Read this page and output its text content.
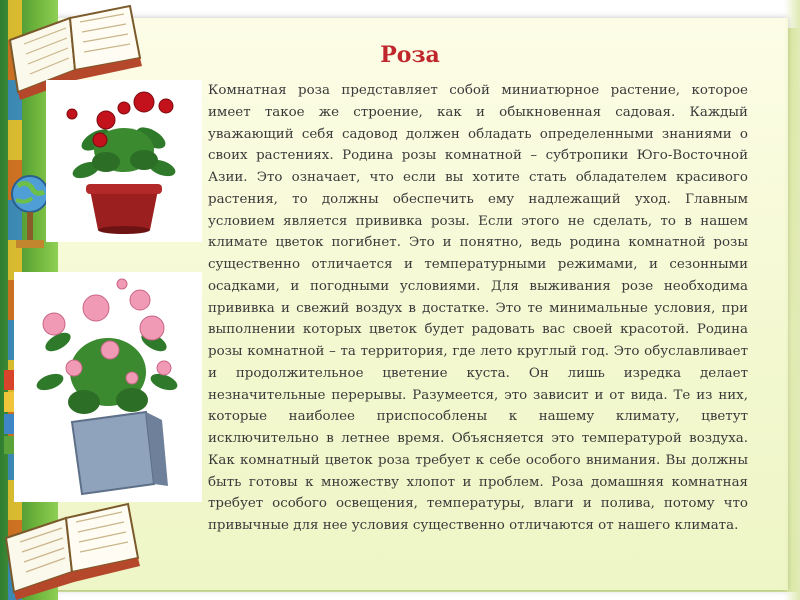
Роза

Комнатная роза представляет собой миниатюрное растение, которое имеет такое же строение, как и обыкновенная садовая. Каждый уважающий себя садовод должен обладать определенными знаниями о своих растениях. Родина розы комнатной – субтропики Юго-Восточной Азии. Это означает, что если вы хотите стать обладателем красивого растения, то должны обеспечить ему надлежащий уход. Главным условием является прививка розы. Если этого не сделать, то в нашем климате цветок погибнет. Это и понятно, ведь родина комнатной розы существенно отличается и температурными режимами, и сезонными осадками, и погодными условиями. Для выживания розе необходима прививка и свежий воздух в достатке. Это те минимальные условия, при выполнении которых цветок будет радовать вас своей красотой. Родина розы комнатной – та территория, где лето круглый год. Это обуславливает и продолжительное цветение куста. Он лишь изредка делает незначительные перерывы. Разумеется, это зависит и от вида. Те из них, которые наиболее приспособлены к нашему климату, цветут исключительно в летнее время. Объясняется это температурой воздуха. Как комнатный цветок роза требует к себе особого внимания. Вы должны быть готовы к множеству хлопот и проблем. Роза домашняя комнатная требует особого освещения, температуры, влаги и полива, потому что привычные для нее условия существенно отличаются от нашего климата.
